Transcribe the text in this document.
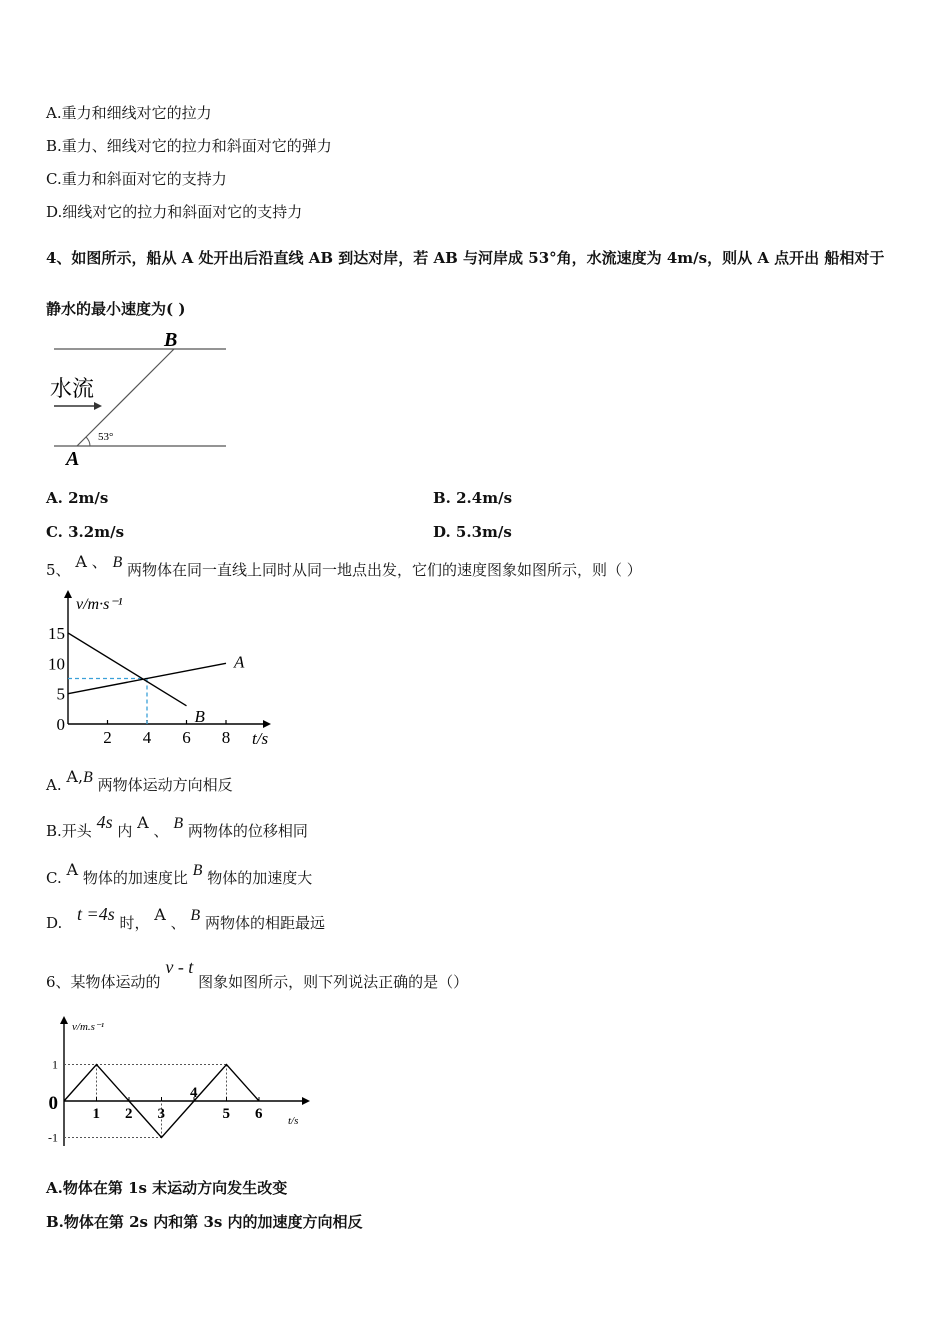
A.重力和细线对它的拉力
B.重力、细线对它的拉力和斜面对它的弹力
C.重力和斜面对它的支持力
D.细线对它的拉力和斜面对它的支持力
4、如图所示，船从 A 处开出后沿直线 AB 到达对岸，若 AB 与河岸成 53°角，水流速度为 4m/s，则从 A 点开出 船相对于
静水的最小速度为( )
B
A
水流
53°
A. 2m/s	B. 2.4m/s
C. 3.2m/s	D. 5.3m/s
5、 A 、 B 两物体在同一直线上同时从同一地点出发，它们的速度图象如图所示，则（ ）
2 4 6 8
0
5
10
15
t/s
v/m·s⁻¹
A
B
A. A,B 两物体运动方向相反
B.开头 4s 内 A 、 B 两物体的位移相同
C. A 物体的加速度比 B 物体的加速度大
D. t =4s 时， A 、 B 两物体的相距最远
6、某物体运动的 v - t 图象如图所示，则下列说法正确的是（）
1 2 3
4
5 6
1
0
-1
t/s
v/m.s⁻¹
A.物体在第 1s 末运动方向发生改变
B.物体在第 2s 内和第 3s 内的加速度方向相反
